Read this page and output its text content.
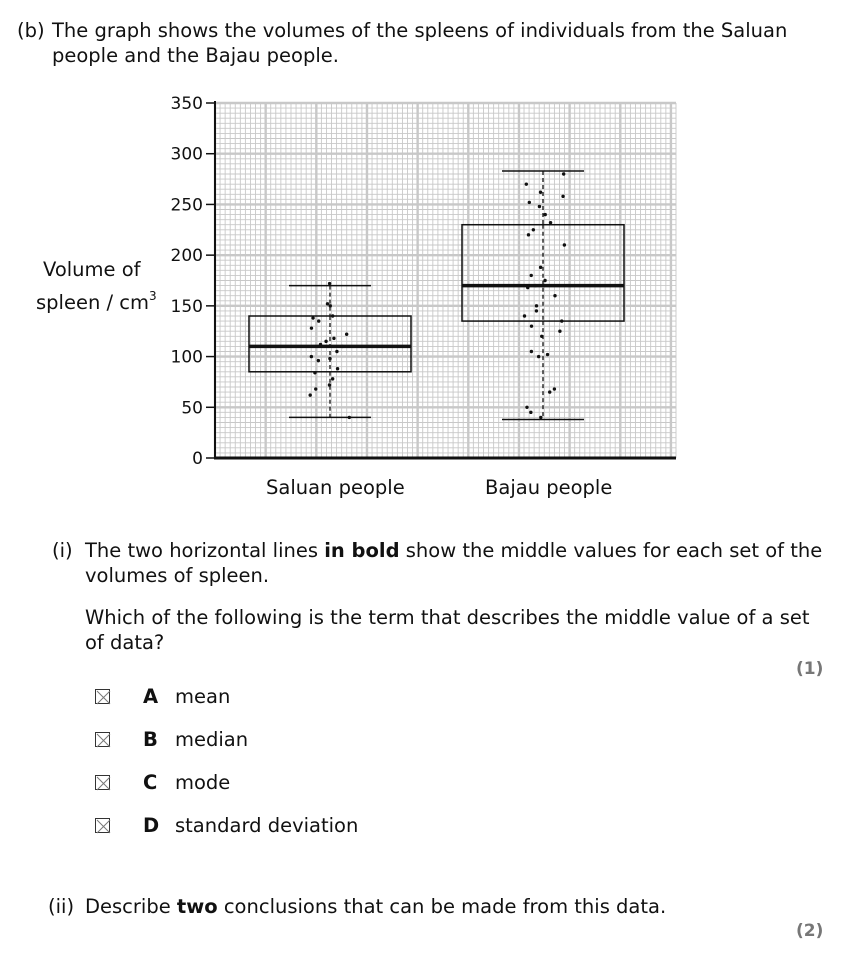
(b) The graph shows the volumes of the spleens of individuals from the Saluan
people and the Bajau people.
Volume of
spleen / $cm^3$
0
50
100
150
200
250
300
350
Saluan people	Bajau people
(i) The two horizontal lines in bold show the middle values for each set of the
volumes of spleen.
Which of the following is the term that describes the middle value of a set
of data?
(1)
A mean
B median
C mode
D standard deviation
(ii) Describe two conclusions that can be made from this data.
(2)
